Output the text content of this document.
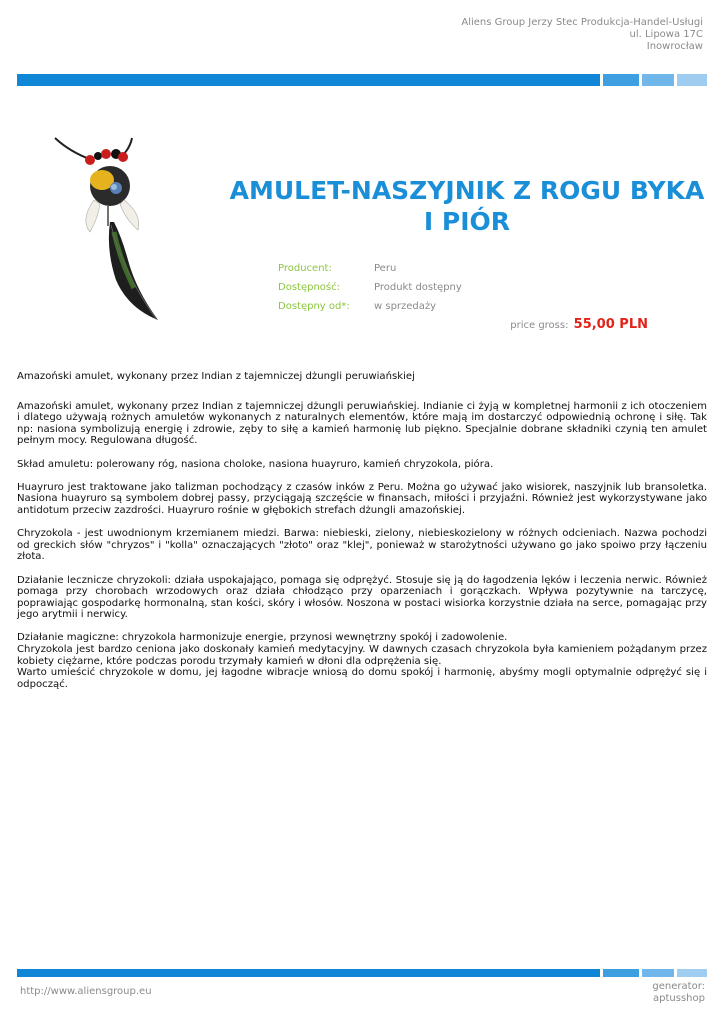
Aliens Group Jerzy Stec Produkcja-Handel-Usługi
ul. Lipowa 17C
Inowrocław
AMULET-NASZYJNIK Z ROGU BYKA I PIÓR
Producent:	Peru
Dostępność:	Produkt dostępny
Dostępny od*:	w sprzedaży
price gross: 55,00 PLN

Amazoński amulet, wykonany przez Indian z tajemniczej dżungli peruwiańskiej

Amazoński amulet, wykonany przez Indian z tajemniczej dżungli peruwiańskiej. Indianie ci żyją w kompletnej harmonii z ich otoczeniem i dlatego używają rożnych amuletów wykonanych z naturalnych elementów, które mają im dostarczyć odpowiednią ochronę i siłę. Tak np: nasiona symbolizują energię i zdrowie, zęby to siłę a kamień harmonię lub piękno. Specjalnie dobrane składniki czynią ten amulet pełnym mocy. Regulowana długość.

Skład amuletu: polerowany róg, nasiona choloke, nasiona huayruro, kamień chryzokola, pióra.

Huayruro jest traktowane jako talizman pochodzący z czasów inków z Peru. Można go używać jako wisiorek, naszyjnik lub bransoletka. Nasiona huayruro są symbolem dobrej passy, przyciągają szczęście w finansach, miłości i przyjaźni. Również jest wykorzystywane jako antidotum przeciw zazdrości. Huayruro rośnie w głębokich strefach dżungli amazońskiej.

Chryzokola - jest uwodnionym krzemianem miedzi. Barwa: niebieski, zielony, niebieskozielony w różnych odcieniach. Nazwa pochodzi od greckich słów "chryzos" i "kolla" oznaczających "złoto" oraz "klej", ponieważ w starożytności używano go jako spoiwo przy łączeniu złota.

Działanie lecznicze chryzokoli: działa uspokajająco, pomaga się odprężyć. Stosuje się ją do łagodzenia lęków i leczenia nerwic. Również pomaga przy chorobach wrzodowych oraz działa chłodząco przy oparzeniach i gorączkach. Wpływa pozytywnie na tarczycę, poprawiając gospodarkę hormonalną, stan kości, skóry i włosów. Noszona w postaci wisiorka korzystnie działa na serce, pomagając przy jego arytmii i nerwicy.

Działanie magiczne: chryzokola harmonizuje energie, przynosi wewnętrzny spokój i zadowolenie.
Chryzokola jest bardzo ceniona jako doskonały kamień medytacyjny. W dawnych czasach chryzokola była kamieniem pożądanym przez kobiety ciężarne, które podczas porodu trzymały kamień w dłoni dla odprężenia się.
Warto umieścić chryzokole w domu, jej łagodne wibracje wniosą do domu spokój i harmonię, abyśmy mogli optymalnie odprężyć się i odpocząć.

http://www.aliensgroup.eu	generator:
aptusshop
